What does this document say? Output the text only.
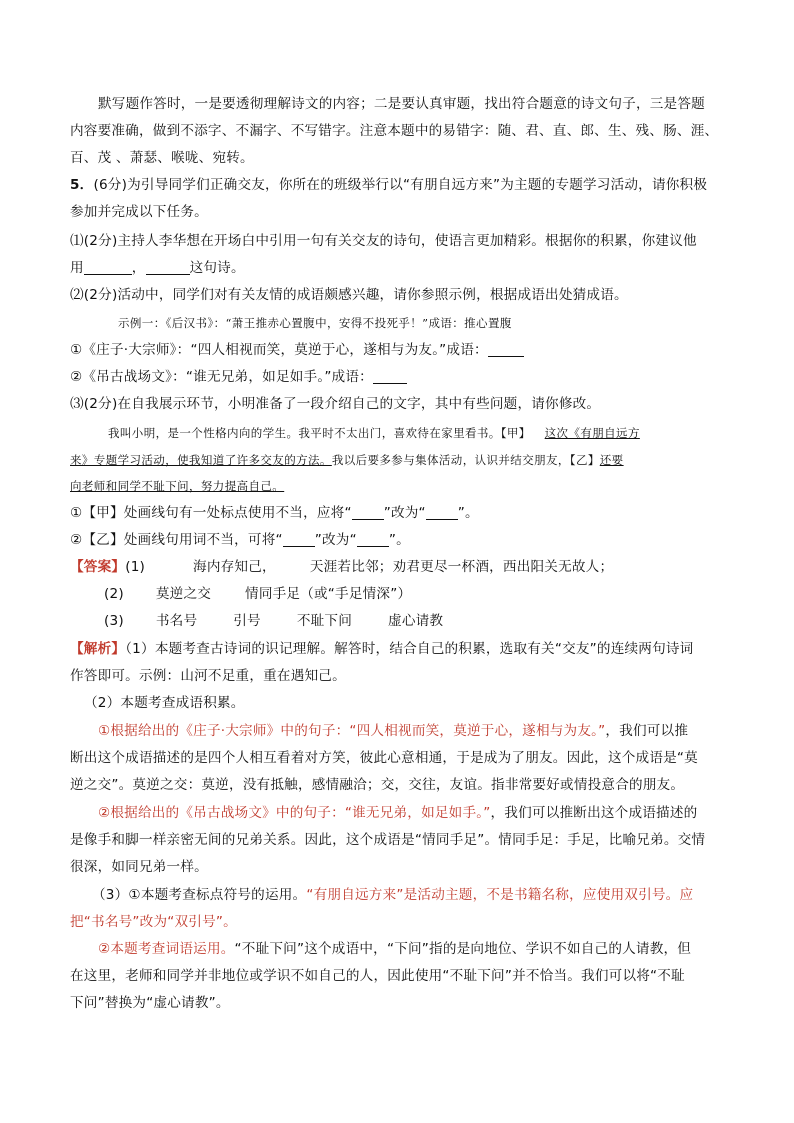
默写题作答时，一是要透彻理解诗文的内容；二是要认真审题，找出符合题意的诗文句子，三是答题
内容要准确，做到不添字、不漏字、不写错字。注意本题中的易错字：随、君、直、郎、生、残、肠、涯、
百、茂 、萧瑟、喉咙、宛转。
5．(6分)为引导同学们正确交友，你所在的班级举行以“有朋自远方来”为主题的专题学习活动，请你积极
参加并完成以下任务。
⑴(2分)主持人李华想在开场白中引用一句有关交友的诗句，使语言更加精彩。根据你的积累，你建议他
用	，	这句诗。
⑵(2分)活动中，同学们对有关友情的成语颇感兴趣，请你参照示例，根据成语出处猜成语。
示例一：《后汉书》：“萧王推赤心置腹中，安得不投死乎！”成语：推心置腹
①《庄子·大宗师》：“四人相视而笑，莫逆于心，遂相与为友。”成语：
②《吊古战场文》：“谁无兄弟，如足如手。”成语：
⑶(2分)在自我展示环节，小明准备了一段介绍自己的文字，其中有些问题，请你修改。
我叫小明，是一个性格内向的学生。我平时不太出门，喜欢待在家里看书。【甲】 这次《有朋自远方
来》专题学习活动，使我知道了许多交友的方法。我以后要多参与集体活动，认识并结交朋友，【乙】还要
向老师和同学不耻下问，努力提高自己。
①【甲】处画线句有一处标点使用不当，应将“ ”改为“ ”。
②【乙】处画线句用词不当，可将“ ”改为“ ”。
【答案】(1)	海内存知己，	天涯若比邻；劝君更尽一杯酒，西出阳关无故人；
(2) 莫逆之交	情同手足（或“手足情深”）
(3) 书名号	引号	不耻下问	虚心请教
【解析】（1）本题考查古诗词的识记理解。解答时，结合自己的积累，选取有关“交友”的连续两句诗词
作答即可。示例：山河不足重，重在遇知己。
（2）本题考查成语积累。
①根据给出的《庄子·大宗师》中的句子：“四人相视而笑，莫逆于心，遂相与为友。”，我们可以推
断出这个成语描述的是四个人相互看着对方笑，彼此心意相通，于是成为了朋友。因此，这个成语是“莫
逆之交”。莫逆之交：莫逆，没有抵触，感情融洽；交，交往，友谊。指非常要好或情投意合的朋友。
②根据给出的《吊古战场文》中的句子：“谁无兄弟，如足如手。”，我们可以推断出这个成语描述的
是像手和脚一样亲密无间的兄弟关系。因此，这个成语是“情同手足”。情同手足：手足，比喻兄弟。交情
很深，如同兄弟一样。
（3）①本题考查标点符号的运用。“有朋自远方来”是活动主题，不是书籍名称，应使用双引号。应
把“书名号”改为“双引号”。
②本题考查词语运用。“不耻下问”这个成语中，“下问”指的是向地位、学识不如自己的人请教，但
在这里，老师和同学并非地位或学识不如自己的人，因此使用“不耻下问”并不恰当。我们可以将“不耻
下问”替换为“虚心请教”。
